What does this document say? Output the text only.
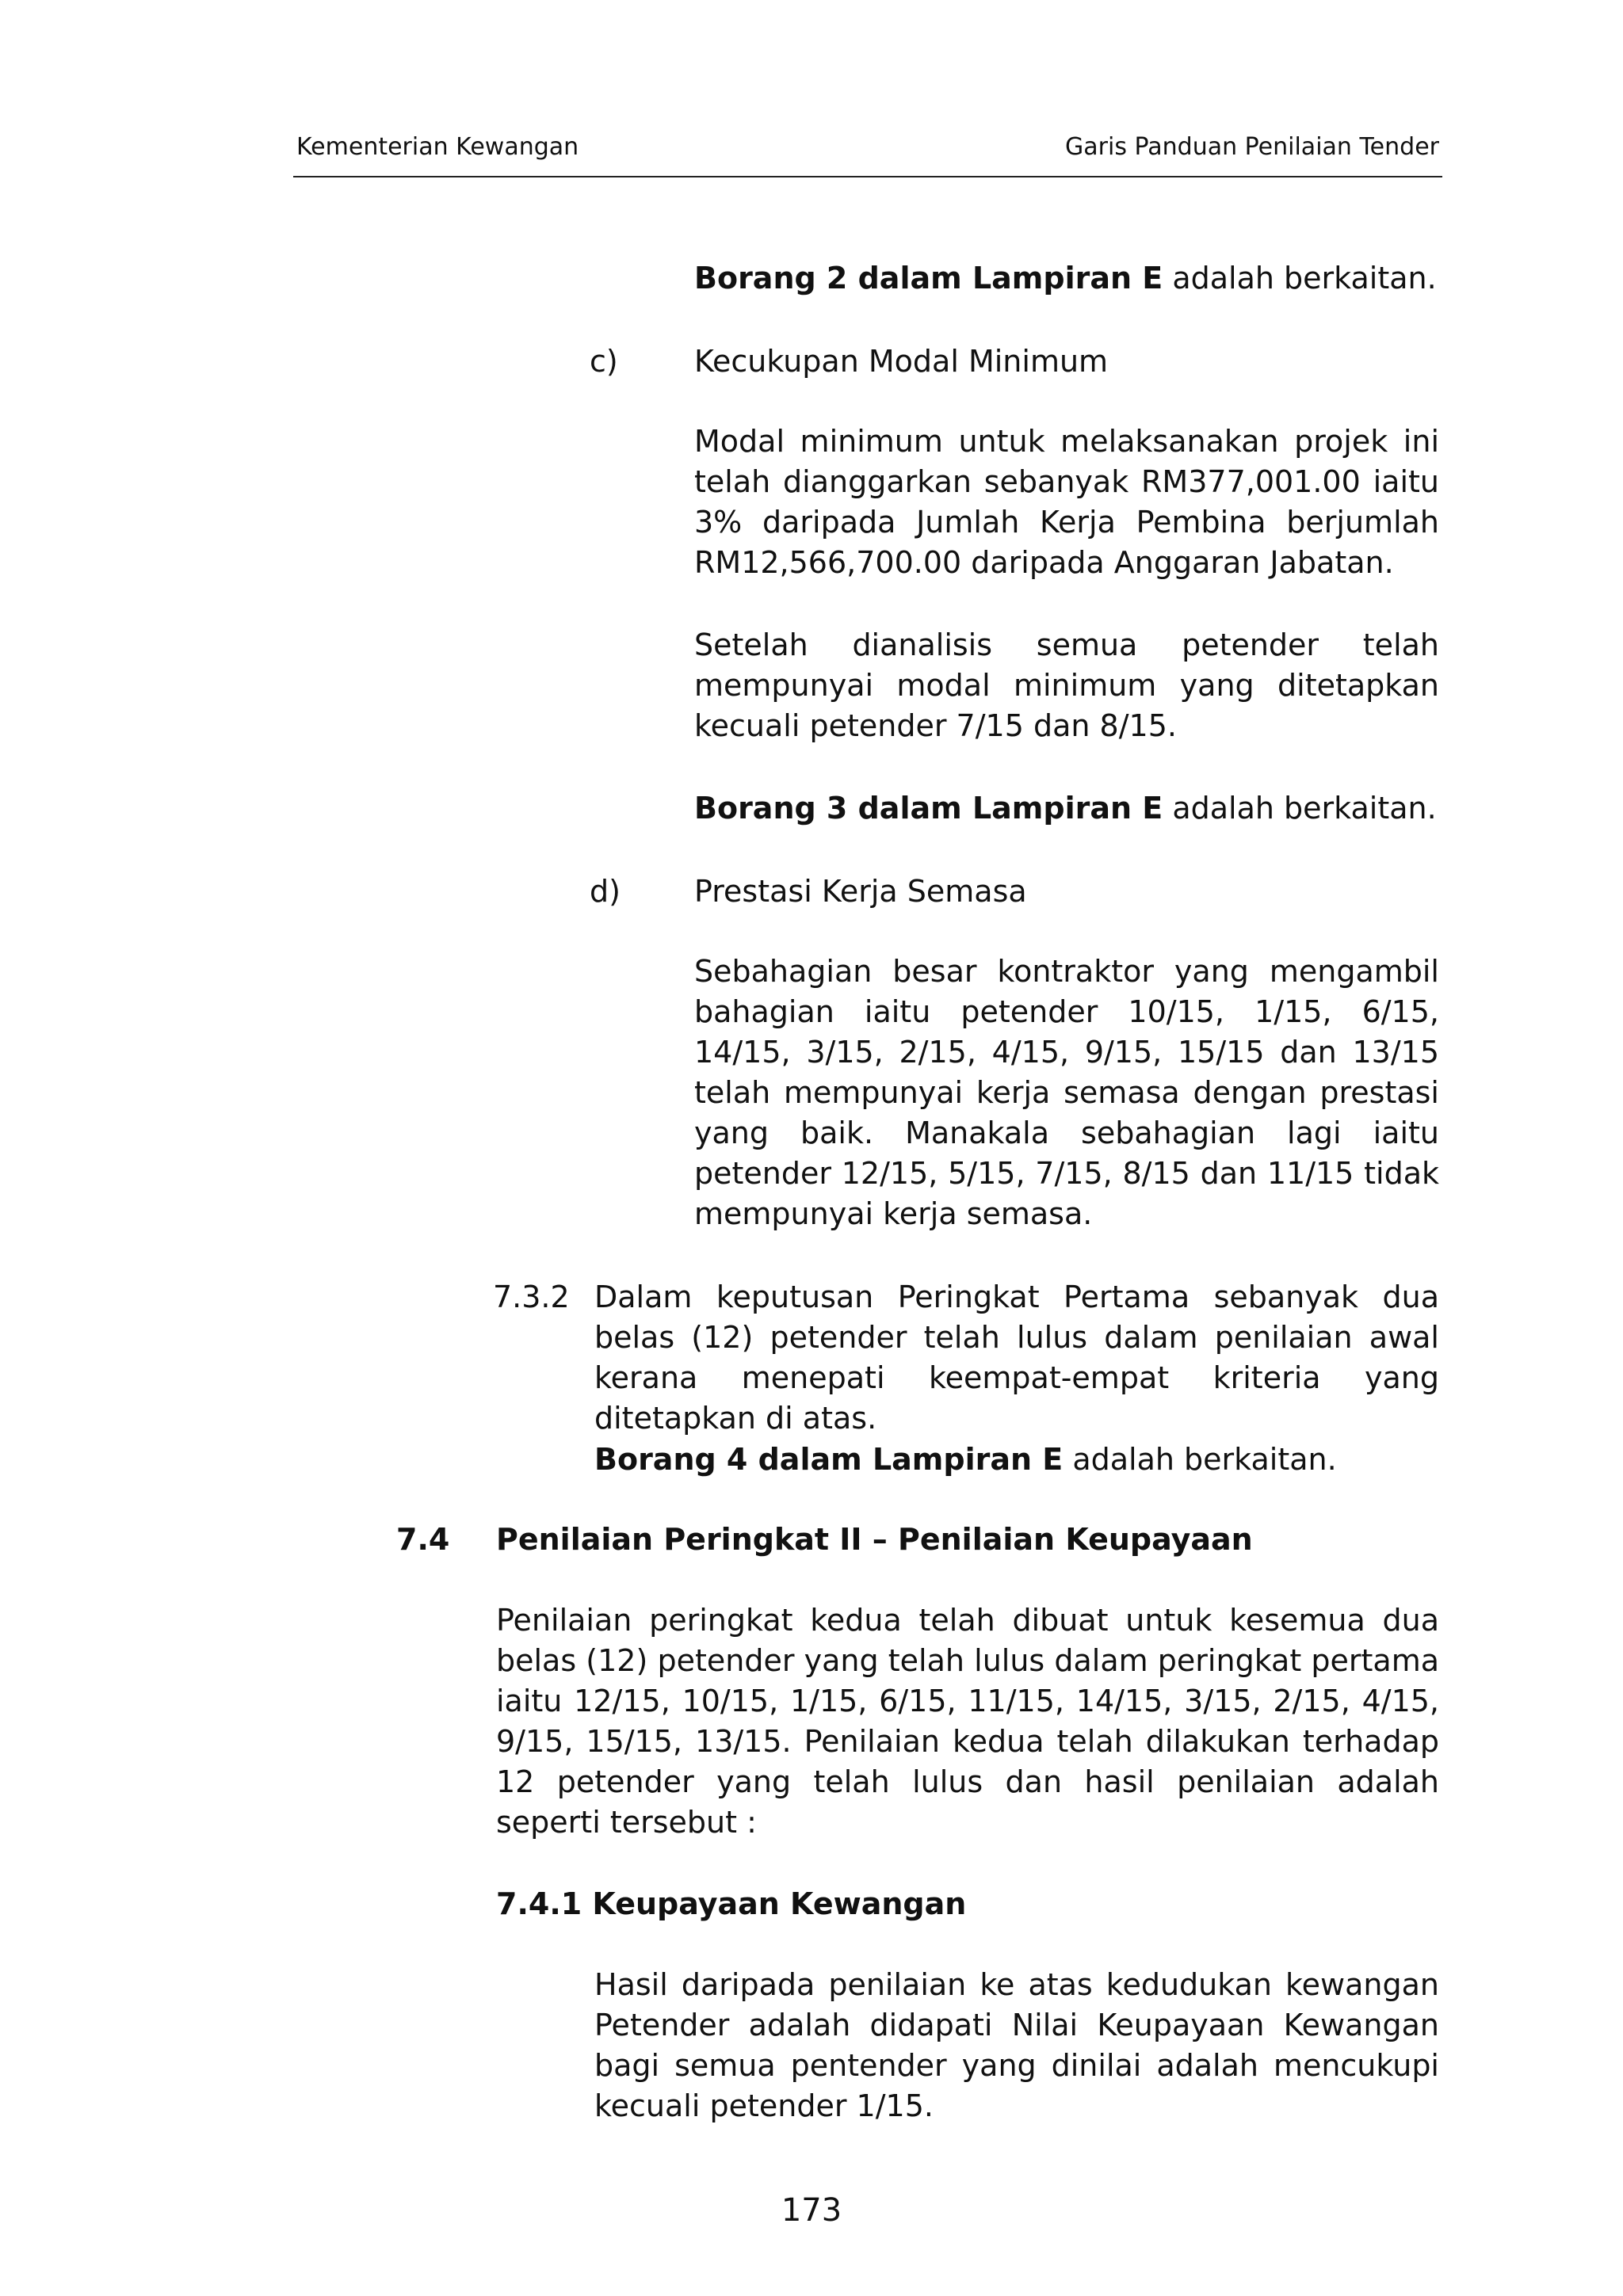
Kementerian Kewangan	Garis Panduan Penilaian Tender
Borang 2 dalam Lampiran E adalah berkaitan.
c)	Kecukupan Modal Minimum
Modal minimum untuk melaksanakan projek ini telah dianggarkan sebanyak RM377,001.00 iaitu 3% daripada Jumlah Kerja Pembina berjumlah RM12,566,700.00 daripada Anggaran Jabatan.
Setelah dianalisis semua petender telah mempunyai modal minimum yang ditetapkan kecuali petender 7/15 dan 8/15.
Borang 3 dalam Lampiran E adalah berkaitan.
d) Prestasi Kerja Semasa
Sebahagian besar kontraktor yang mengambil bahagian iaitu petender 10/15, 1/15, 6/15, 14/15, 3/15, 2/15, 4/15, 9/15, 15/15 dan 13/15 telah mempunyai kerja semasa dengan prestasi yang baik. Manakala sebahagian lagi iaitu petender 12/15, 5/15, 7/15, 8/15 dan 11/15 tidak mempunyai kerja semasa.
7.3.2 Dalam keputusan Peringkat Pertama sebanyak dua belas (12) petender telah lulus dalam penilaian awal kerana menepati keempat-empat kriteria yang ditetapkan di atas.
Borang 4 dalam Lampiran E adalah berkaitan.
7.4 Penilaian Peringkat II – Penilaian Keupayaan
Penilaian peringkat kedua telah dibuat untuk kesemua dua belas (12) petender yang telah lulus dalam peringkat pertama iaitu 12/15, 10/15, 1/15, 6/15, 11/15, 14/15, 3/15, 2/15, 4/15, 9/15, 15/15, 13/15. Penilaian kedua telah dilakukan terhadap 12 petender yang telah lulus dan hasil penilaian adalah seperti tersebut :
7.4.1 Keupayaan Kewangan
Hasil daripada penilaian ke atas kedudukan kewangan Petender adalah didapati Nilai Keupayaan Kewangan bagi semua pentender yang dinilai adalah mencukupi kecuali petender 1/15.
173
